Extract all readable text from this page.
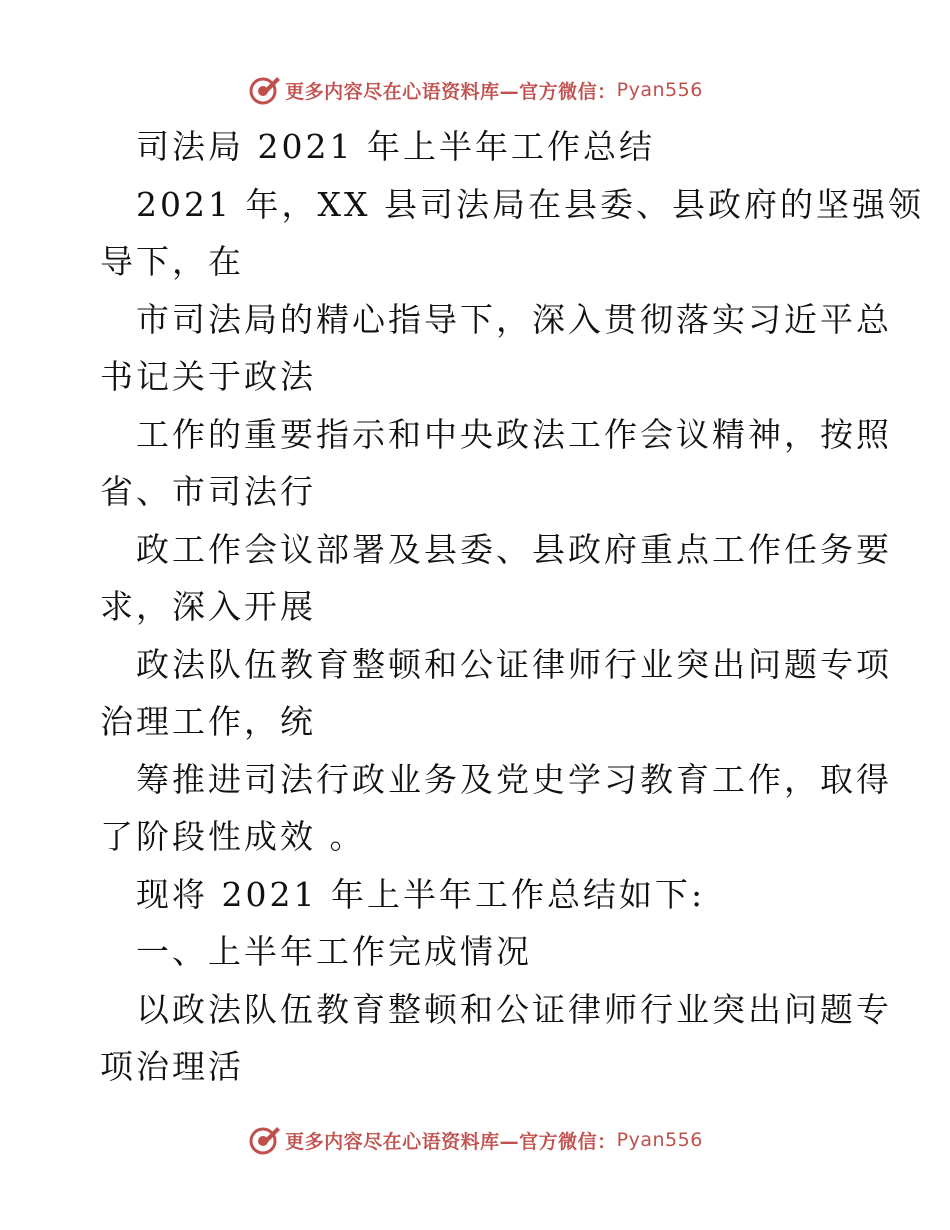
更多内容尽在心语资料库—官方微信： Pyan556
司法局 2021 年上半年工作总结
2021 年，XX 县司法局在县委、县政府的坚强领
导下，在
市司法局的精心指导下，深入贯彻落实习近平总
书记关于政法
工作的重要指示和中央政法工作会议精神，按照
省、市司法行
政工作会议部署及县委、县政府重点工作任务要
求，深入开展
政法队伍教育整顿和公证律师行业突出问题专项
治理工作，统
筹推进司法行政业务及党史学习教育工作，取得
了阶段性成效 。
现将 2021 年上半年工作总结如下:
一、上半年工作完成情况
以政法队伍教育整顿和公证律师行业突出问题专
项治理活
更多内容尽在心语资料库—官方微信： Pyan556
